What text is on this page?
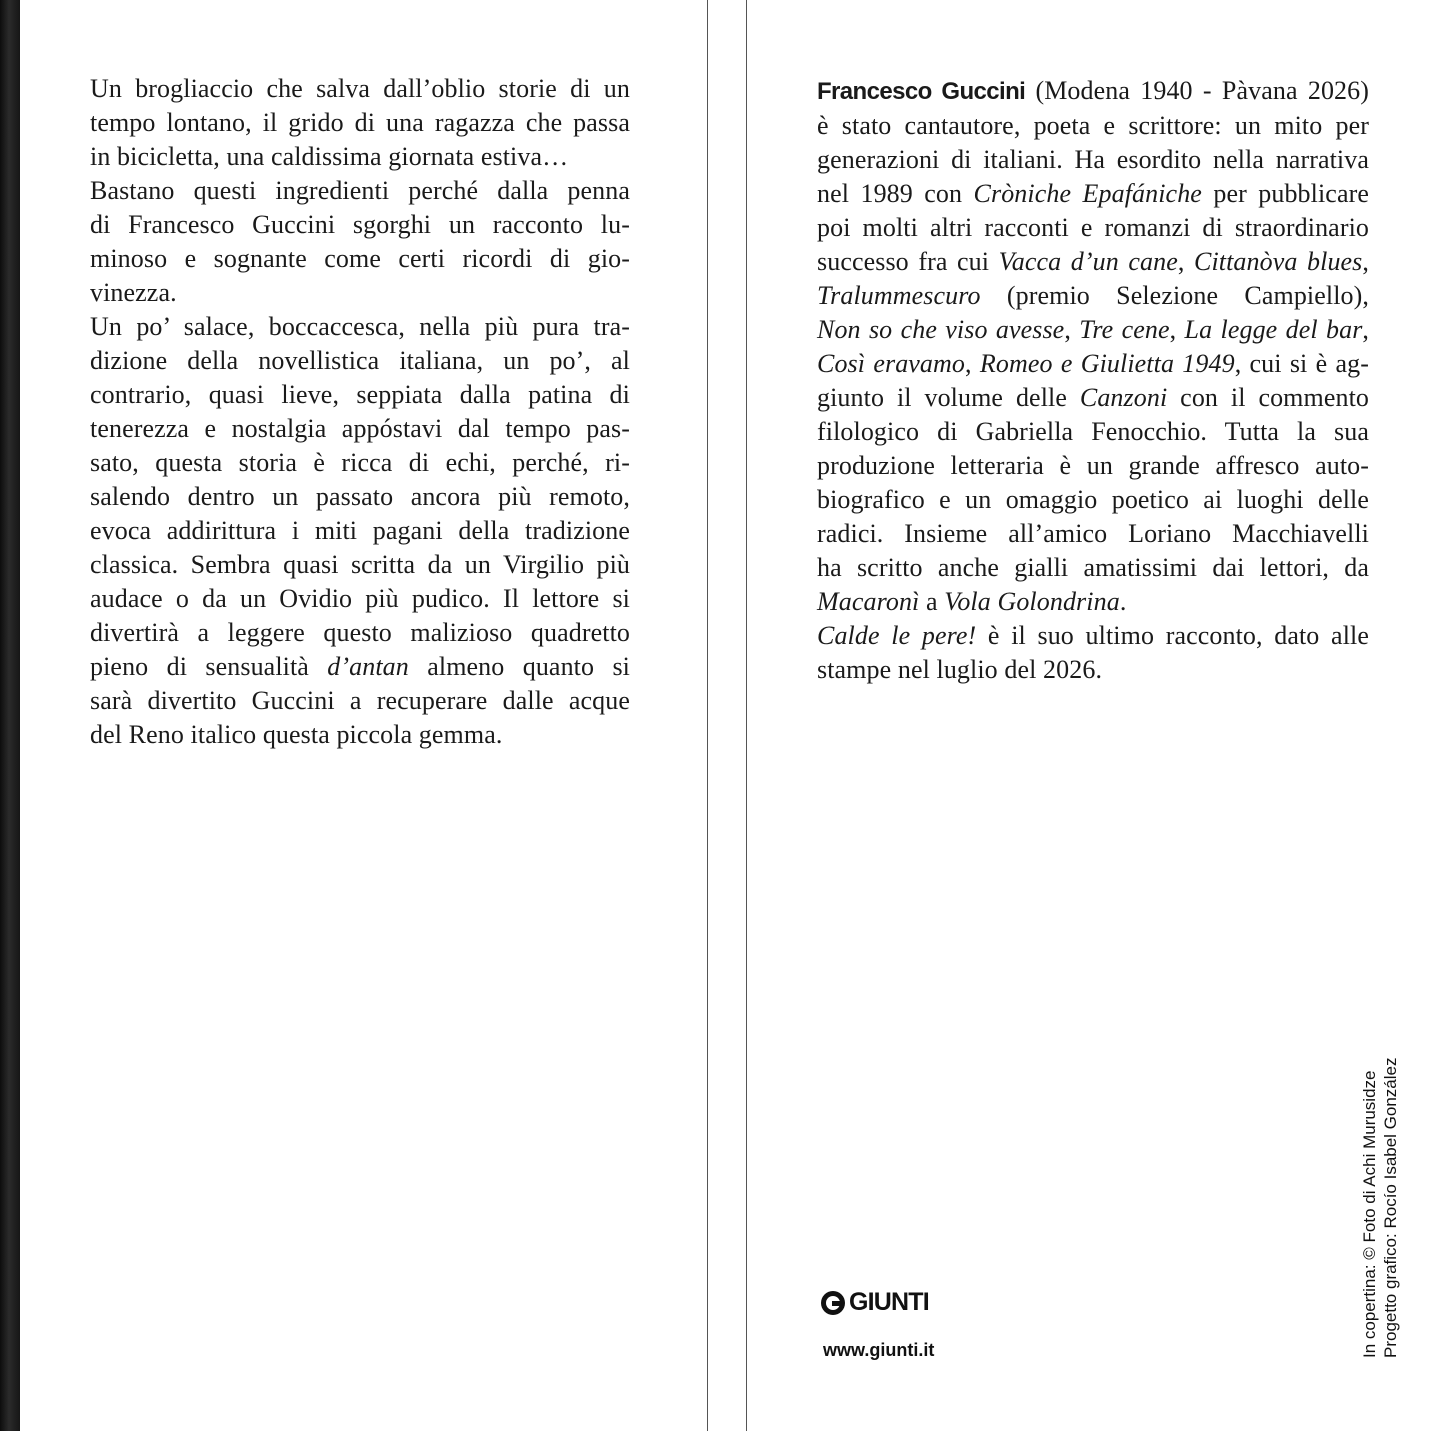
Un brogliaccio che salva dall’oblio storie di un
tempo lontano, il grido di una ragazza che passa
in bicicletta, una caldissima giornata estiva…
Bastano questi ingredienti perché dalla penna
di Francesco Guccini sgorghi un racconto lu-
minoso e sognante come certi ricordi di gio-
vinezza.
Un po’ salace, boccaccesca, nella più pura tra-
dizione della novellistica italiana, un po’, al
contrario, quasi lieve, seppiata dalla patina di
tenerezza e nostalgia appóstavi dal tempo pas-
sato, questa storia è ricca di echi, perché, ri-
salendo dentro un passato ancora più remoto,
evoca addirittura i miti pagani della tradizione
classica. Sembra quasi scritta da un Virgilio più
audace o da un Ovidio più pudico. Il lettore si
divertirà a leggere questo malizioso quadretto
pieno di sensualità d’antan almeno quanto si
sarà divertito Guccini a recuperare dalle acque
del Reno italico questa piccola gemma.
Francesco Guccini (Modena 1940 - Pàvana 2026)
è stato cantautore, poeta e scrittore: un mito per
generazioni di italiani. Ha esordito nella narrativa
nel 1989 con Cròniche Epafániche per pubblicare
poi molti altri racconti e romanzi di straordinario
successo fra cui Vacca d’un cane, Cittanòva blues,
Tralummescuro (premio Selezione Campiello),
Non so che viso avesse, Tre cene, La legge del bar,
Così eravamo, Romeo e Giulietta 1949, cui si è ag-
giunto il volume delle Canzoni con il commento
filologico di Gabriella Fenocchio. Tutta la sua
produzione letteraria è un grande affresco auto-
biografico e un omaggio poetico ai luoghi delle
radici. Insieme all’amico Loriano Macchiavelli
ha scritto anche gialli amatissimi dai lettori, da
Macaronì a Vola Golondrina.
Calde le pere! è il suo ultimo racconto, dato alle
stampe nel luglio del 2026.
GIUNTI
www.giunti.it	In copertina: © Foto di Achi Murusidze Progetto grafico: Rocío Isabel González
